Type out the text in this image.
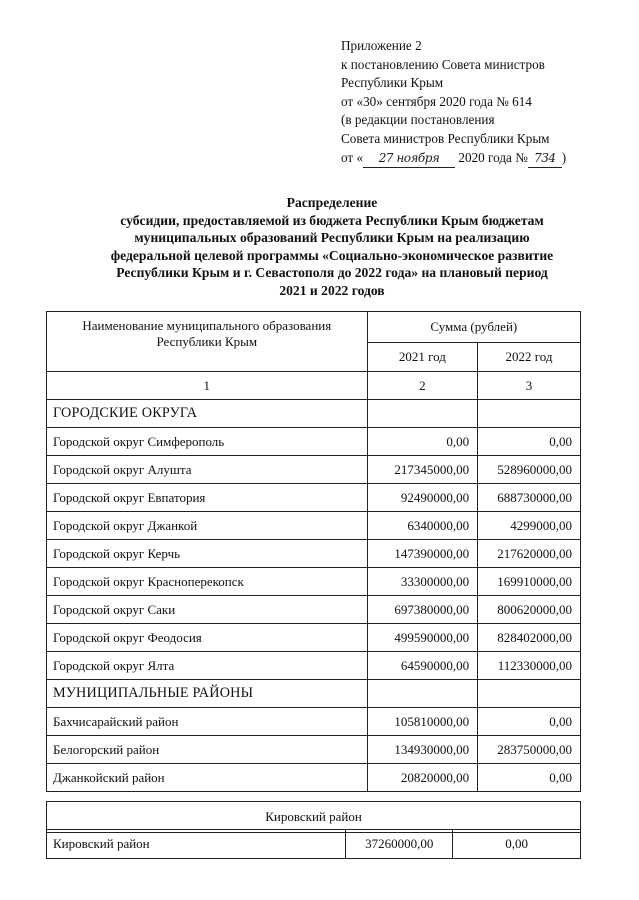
Приложение 2
к постановлению Совета министров
Республики Крым
от «30» сентября 2020 года № 614
(в редакции постановления
Совета министров Республики Крым
от « 27 ноября 2020 года № 734 )
Распределение
субсидии, предоставляемой из бюджета Республики Крым бюджетам
муниципальных образований Республики Крым на реализацию
федеральной целевой программы «Социально-экономическое развитие
Республики Крым и г. Севастополя до 2022 года» на плановый период
2021 и 2022 годов
Наименование муниципального образования Республики Крым	Сумма (рублей)	
	2021 год	2022 год
1	2	3
ГОРОДСКИЕ ОКРУГА		
Городской округ Симферополь	0,00	0,00
Городской округ Алушта	217345000,00	528960000,00
Городской округ Евпатория	92490000,00	688730000,00
Городской округ Джанкой	6340000,00	4299000,00
Городской округ Керчь	147390000,00	217620000,00
Городской округ Красноперекопск	33300000,00	169910000,00
Городской округ Саки	697380000,00	800620000,00
Городской округ Феодосия	499590000,00	828402000,00
Городской округ Ялта	64590000,00	112330000,00
МУНИЦИПАЛЬНЫЕ РАЙОНЫ		
Бахчисарайский район	105810000,00	0,00
Белогорский район	134930000,00	283750000,00
Джанкойский район	20820000,00	0,00
Кировский район
Кировский район	37260000,00	0,00
